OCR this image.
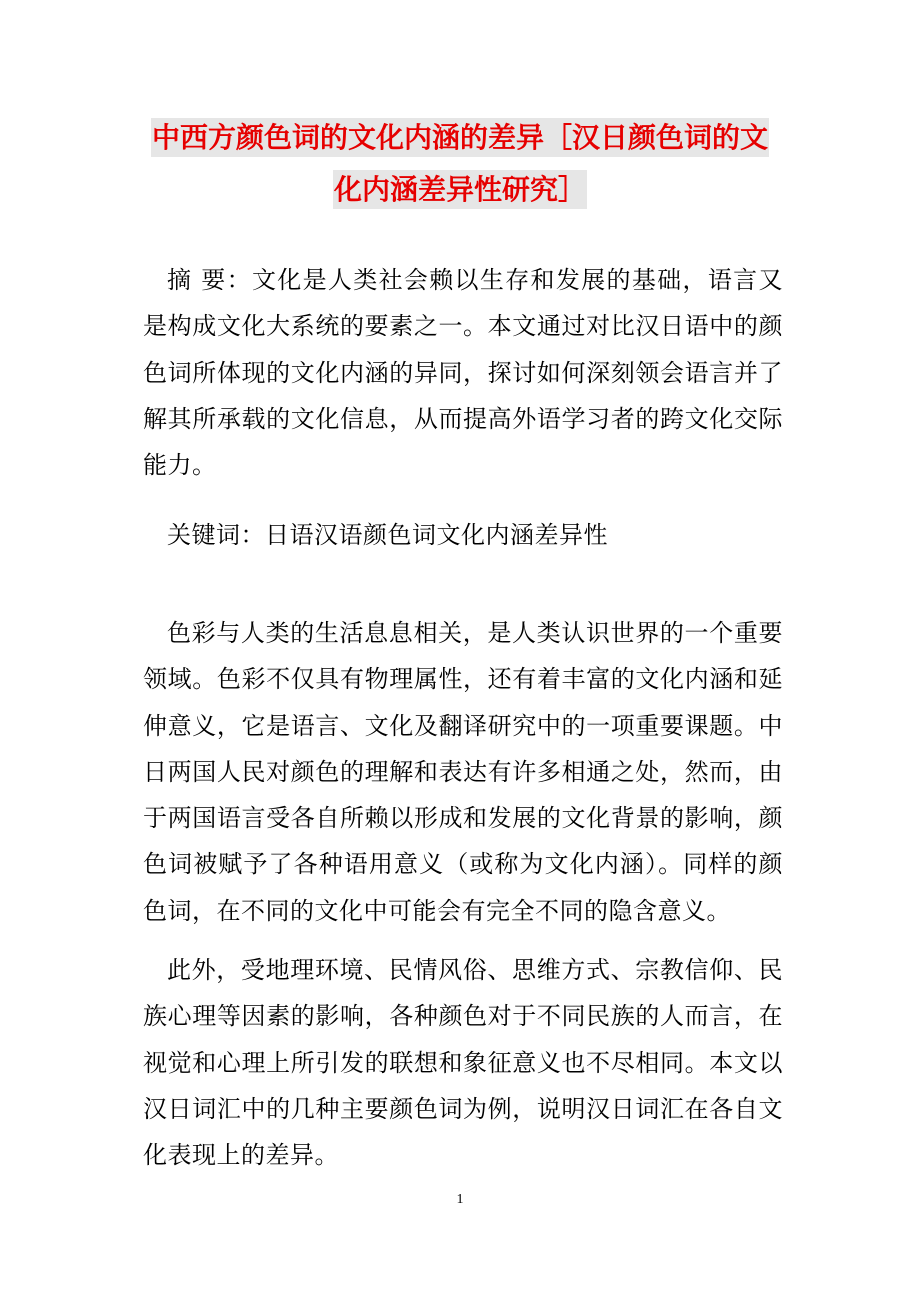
中西方颜色词的文化内涵的差异［汉日颜色词的文化内涵差异性研究］
摘 要：文化是人类社会赖以生存和发展的基础，语言又是构成文化大系统的要素之一。本文通过对比汉日语中的颜色词所体现的文化内涵的异同，探讨如何深刻领会语言并了解其所承载的文化信息，从而提高外语学习者的跨文化交际能力。
关键词：日语汉语颜色词文化内涵差异性
色彩与人类的生活息息相关，是人类认识世界的一个重要领域。色彩不仅具有物理属性，还有着丰富的文化内涵和延伸意义，它是语言、文化及翻译研究中的一项重要课题。中日两国人民对颜色的理解和表达有许多相通之处，然而，由于两国语言受各自所赖以形成和发展的文化背景的影响，颜色词被赋予了各种语用意义（或称为文化内涵）。同样的颜色词，在不同的文化中可能会有完全不同的隐含意义。
此外，受地理环境、民情风俗、思维方式、宗教信仰、民族心理等因素的影响，各种颜色对于不同民族的人而言，在视觉和心理上所引发的联想和象征意义也不尽相同。本文以汉日词汇中的几种主要颜色词为例，说明汉日词汇在各自文化表现上的差异。
1
